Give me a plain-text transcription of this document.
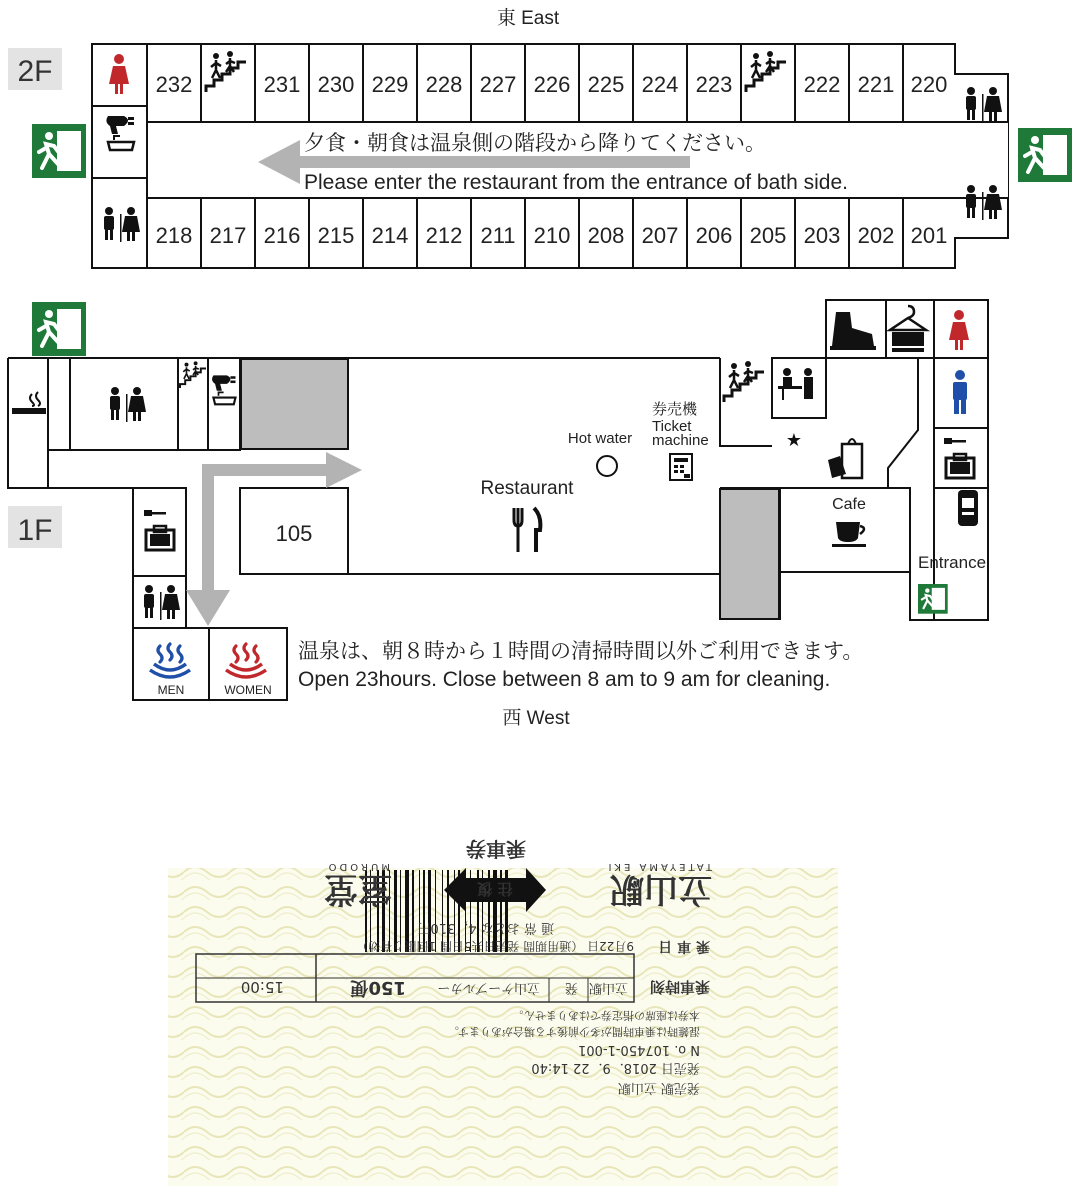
東 East
西 West
2F	232	231 230 229 228 227 226 225 224 223	222 221 220
218 217 216 215 214 212 211 210 208 207 206 205 203 202 201
夕食・朝食は温泉側の階段から降りてください。
Please enter the restaurant from the entrance of bath side.
1F
MEN	WOMEN
105
Restaurant
Hot water
券売機
Ticket
machine	★
Cafe
Entrance
温泉は、朝８時から１時間の清掃時間以外ご利用できます。
Open 23hours. Close between 8 am to 9 am for cleaning.
発売駅 立山駅
発売日 2018．9．22 14:40
N o. 107450-1-001
混雑時は乗車時間が多少前後する場合があります。
本券は座席の指定券ではありません。
乗車時刻
立山駅
発
立山ケーブルカー
150便
15:00
乗 車 日
9月22日 （通用期間 発売日共5日間 1回限り有効）
通 常 おとな 4，310円
立山駅
TATEYAMA EKI
室堂
MURODO
往 復
乗車券
